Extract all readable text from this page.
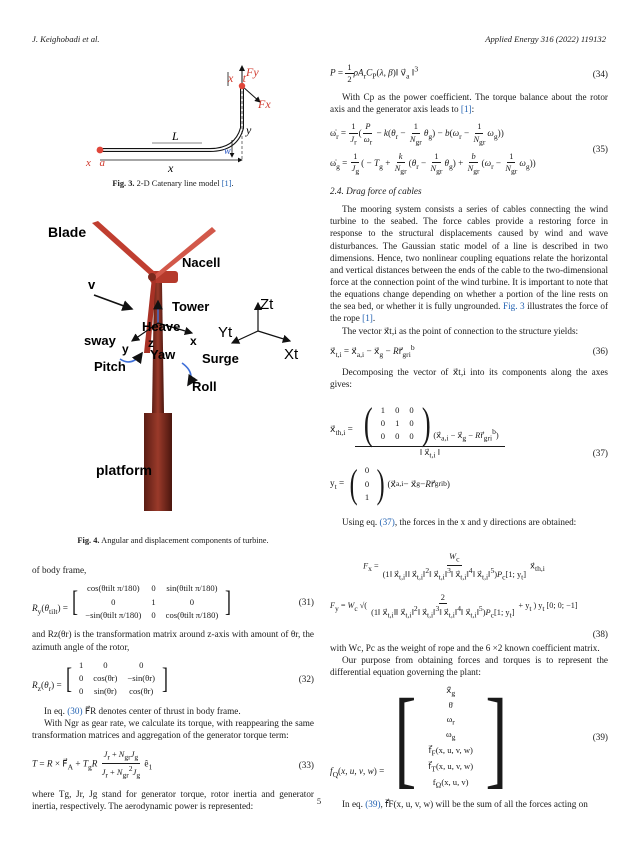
J. Keighobadi et al.	Applied Energy 316 (2022) 119132
x⃗t Fy
Fx
L	y
w
x
x⃗a
Fig. 3. 2-D Catenary line model [1].
Blade
Nacell
v
Tower
Heave
sway	z
Yaw
y
Pitch
x
Surge
Roll
Zt
Yt
Xt
platform
Fig. 4. Angular and displacement components of turbine.

of body frame,

$R_y(\theta_{tilt})$ = [ cos(θtilt π/180)	0	sin(θtilt π/180)
0	1	0
−sin(θtilt π/180)	0	cos(θtilt π/180) ]	(31)

and Rz(θr) is the transformation matrix around z-axis with amount of θr, the azimuth angle of the rotor,

$R_z(\theta_r)$ = [ 1	0	0
0	cos(θr)	−sin(θr)
0	sin(θr)	cos(θr) ]	(32)

In eq. (30) F⃗R denotes center of thrust in body frame.

With Ngr as gear rate, we calculate its torque, with reappearing the same transformation matrices and aggregation of the generator torque term:

$T = R \times F⃗_A + T_gR \frac{J_r + N_{gr}J_g}{J_r + N_{gr}^2J_g}$ $ê_1$	(33)

where Tg, Jr, Jg stand for generator torque, rotor inertia and generator inertia, respectively. The aerodynamic power is represented:

$P = \frac{1}{2} \rho A_rC_P(\lambda$, β)‖ $v⃗_a$ ‖$^3$	(34)

With Cp as the power coefficient. The torque balance about the rotor axis and the generator axis leads to [1]:

$\omegȧ_r = \frac{1}{J_r}$ ( $\frac{P}{\omega_r} - k(\theta_r - \frac{1}{N_{gr}} \theta_g) - b(\omega_r - \frac{1}{N_{gr}} \omega_g)$)
$\omegȧ_g = \frac{1}{J_g}$ ( − $T_g + \frac{k}{N_{gr}} (\theta_r - \frac{1}{N_{gr}} \theta_g) + \frac{b}{N_{gr}} (\omega_r - \frac{1}{N_{gr}} \omega_g)$)
(35)
2.4. Drag force of cables

The mooring system consists a series of cables connecting the wind turbine to the seabed. The force cables provide a restoring force in response to the structural displacements caused by wind and wave disturbances. The Gaussian static model of a line is described in two dimensions. Hence, two nonlinear coupling equations relate the horizontal and vertical distances between the ends of the cable to the two-dimensional force at the connection point of the wind turbine. It is important to note that the equations change depending on whether a portion of the line rests on the sea bed, or whether it is fully ungrounded. Fig. 3 illustrates the force of the rope [1].

The vector x⃗t,i as the point of connection to the structure yields:

$x⃗_{t,i}$ = $x⃗_{a,i}$ − $x⃗_g$ − $Rr⃗_{gri}^b$	(36)

Decomposing the vector of x⃗t,i into its components along the axes gives:

$x⃗_{th,i}$ = ( 1	0	0
0	1	0
0	0	0 ) ($x⃗_{a,i}$ − $x⃗_g$ − $Rr⃗_{gri}^b$)
‖ $x⃗_{t,i}$ ‖
$y_t$ = ( 0
0
1 ) (x⃗ a,i − x⃗ g − R r⃗ gri b )
(37)

Using eq. (37), the forces in the x and y directions are obtained:

$F_x = \frac{W_c}{(1‖ x⃗_{t,i}‖‖ x⃗_{t,i}‖^2‖ x⃗_{t,i}‖^3‖ x⃗_{t,i}‖^4‖ x⃗_{t,i}‖^5)P_c[1; y_t]}$ $x⃗_{th,i}$
$F_y = W_c$ √( $\frac{2}{(1‖ x⃗_{t,i}‖‖ x⃗_{t,i}‖^2‖ x⃗_{t,i}‖^3‖ x⃗_{t,i}‖^4‖ x⃗_{t,i}‖^5)P_c[1; y_t]} + y_t$ ) $y_t$ [0; 0; −1]
(38)

with Wc, Pc as the weight of rope and the 6 ×2 known coefficient matrix.

Our purpose from obtaining forces and torques is to represent the differential equation governing the plant:

$f_Q(x$, u, v, w) = [	$x⃗̇_g$
θ̇
$\omega_r$
$\omega_g$
$f⃗_F(x$, u, v, w)
$f⃗_T(x$, u, v, w)
$f_\Omega(x$, u, v) ]	(39)

In eq. (39), f⃗F(x, u, v, w) will be the sum of all the forces acting on

5
